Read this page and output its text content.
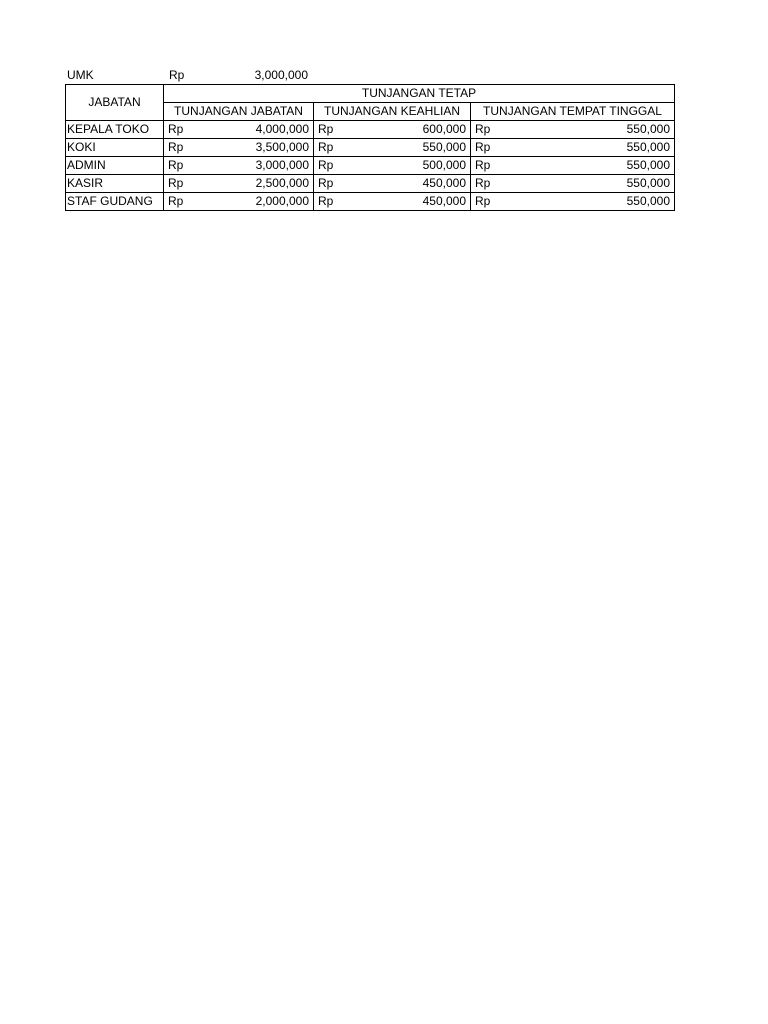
UMK	Rp	3,000,000
JABATAN	TUNJANGAN TETAP		
	TUNJANGAN JABATAN	TUNJANGAN KEAHLIAN	TUNJANGAN TEMPAT TINGGAL
KEPALA TOKO	Rp 4,000,000	Rp 600,000	Rp 550,000

KOKI	Rp 3,500,000	Rp 550,000	Rp 550,000

ADMIN	Rp 3,000,000	Rp 500,000	Rp 550,000

KASIR	Rp 2,500,000	Rp 450,000	Rp 550,000

STAF GUDANG	Rp 2,000,000	Rp 450,000	Rp 550,000
